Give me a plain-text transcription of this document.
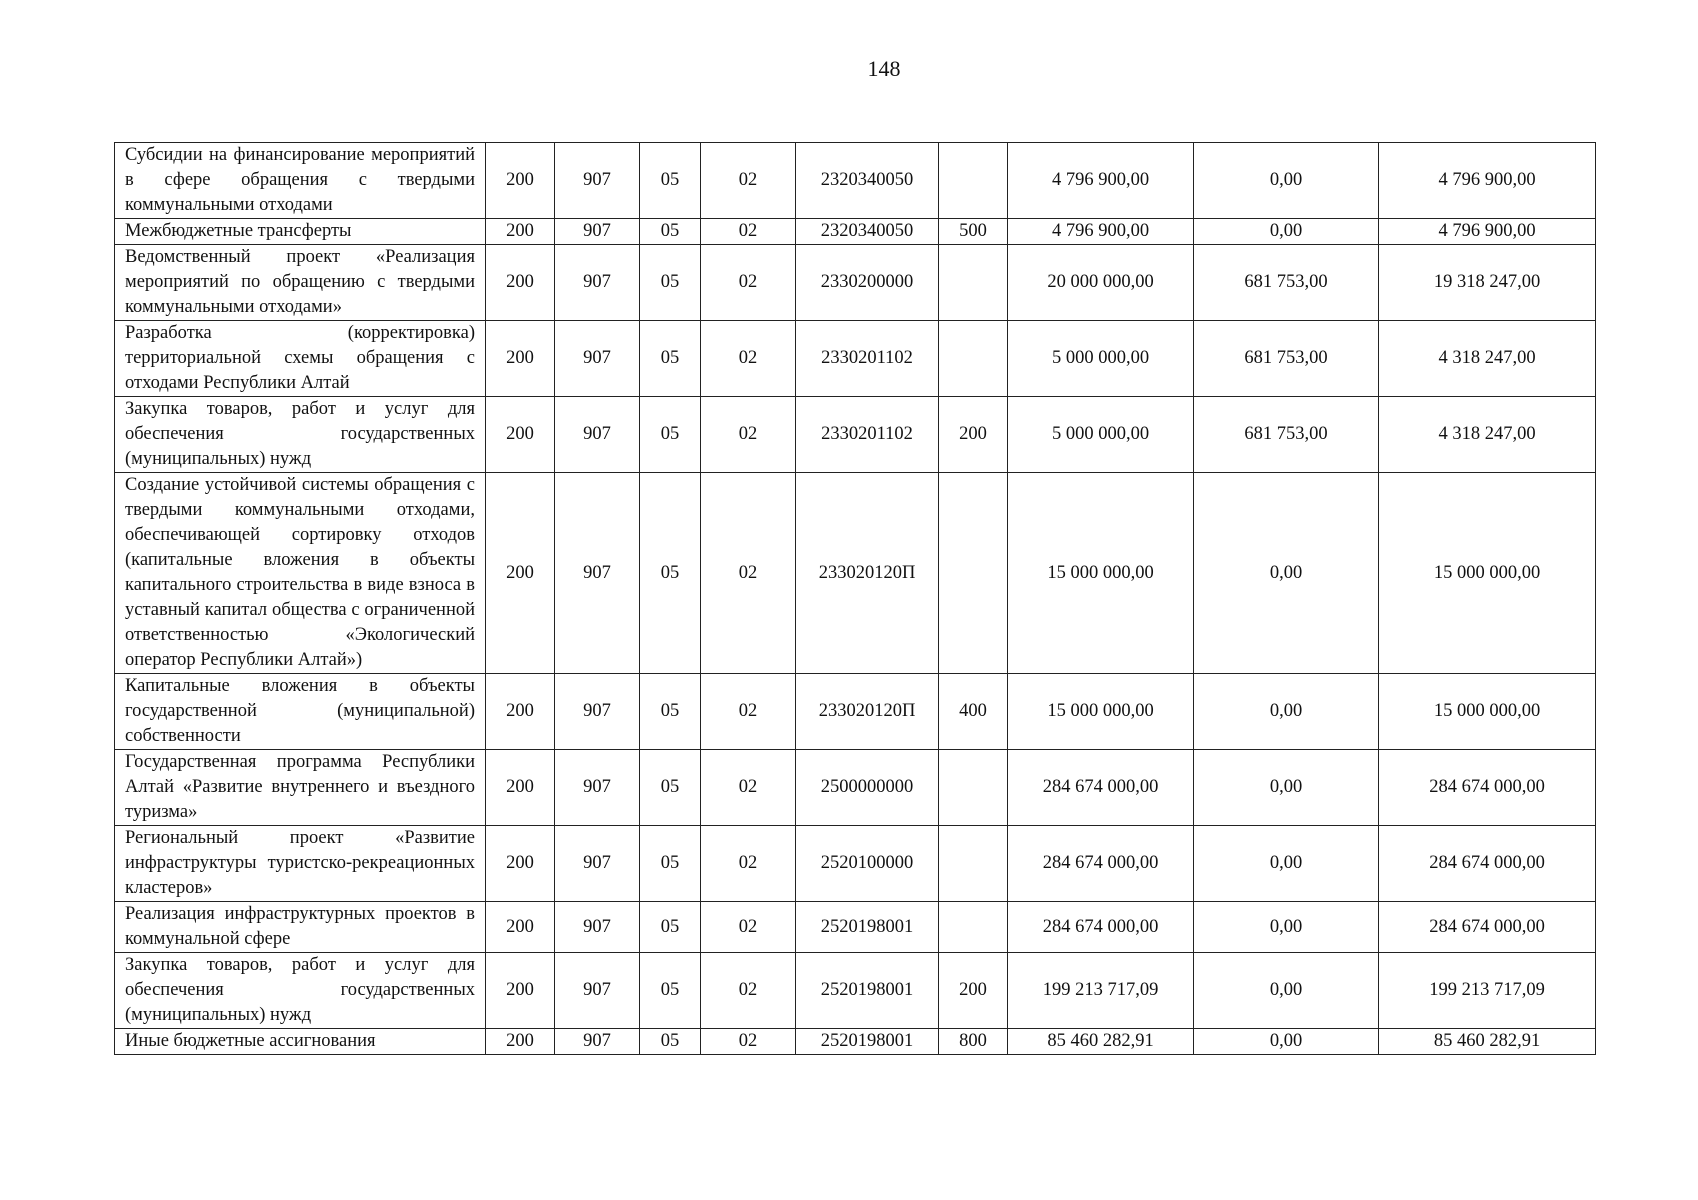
148
Субсидии на финансирование мероприятий в сфере обращения с твердыми коммунальными отходами	200	907	05	02	2320340050		4 796 900,00	0,00	4 796 900,00
Межбюджетные трансферты	200	907	05	02	2320340050	500	4 796 900,00	0,00	4 796 900,00
Ведомственный проект «Реализация мероприятий по обращению с твердыми коммунальными отходами»	200	907	05	02	2330200000		20 000 000,00	681 753,00	19 318 247,00
Разработка (корректировка) территориальной схемы обращения с отходами Республики Алтай	200	907	05	02	2330201102		5 000 000,00	681 753,00	4 318 247,00
Закупка товаров, работ и услуг для обеспечения государственных (муниципальных) нужд	200	907	05	02	2330201102	200	5 000 000,00	681 753,00	4 318 247,00
Создание устойчивой системы обращения с твердыми коммунальными отходами, обеспечивающей сортировку отходов (капитальные вложения в объекты капитального строительства в виде взноса в уставный капитал общества с ограниченной ответственностью «Экологический оператор Республики Алтай»)	200	907	05	02	233020120П		15 000 000,00	0,00	15 000 000,00
Капитальные вложения в объекты государственной (муниципальной) собственности	200	907	05	02	233020120П	400	15 000 000,00	0,00	15 000 000,00
Государственная программа Республики Алтай «Развитие внутреннего и въездного туризма»	200	907	05	02	2500000000		284 674 000,00	0,00	284 674 000,00
Региональный проект «Развитие инфраструктуры туристско-рекреационных кластеров»	200	907	05	02	2520100000		284 674 000,00	0,00	284 674 000,00
Реализация инфраструктурных проектов в коммунальной сфере	200	907	05	02	2520198001		284 674 000,00	0,00	284 674 000,00
Закупка товаров, работ и услуг для обеспечения государственных (муниципальных) нужд	200	907	05	02	2520198001	200	199 213 717,09	0,00	199 213 717,09
Иные бюджетные ассигнования	200	907	05	02	2520198001	800	85 460 282,91	0,00	85 460 282,91
